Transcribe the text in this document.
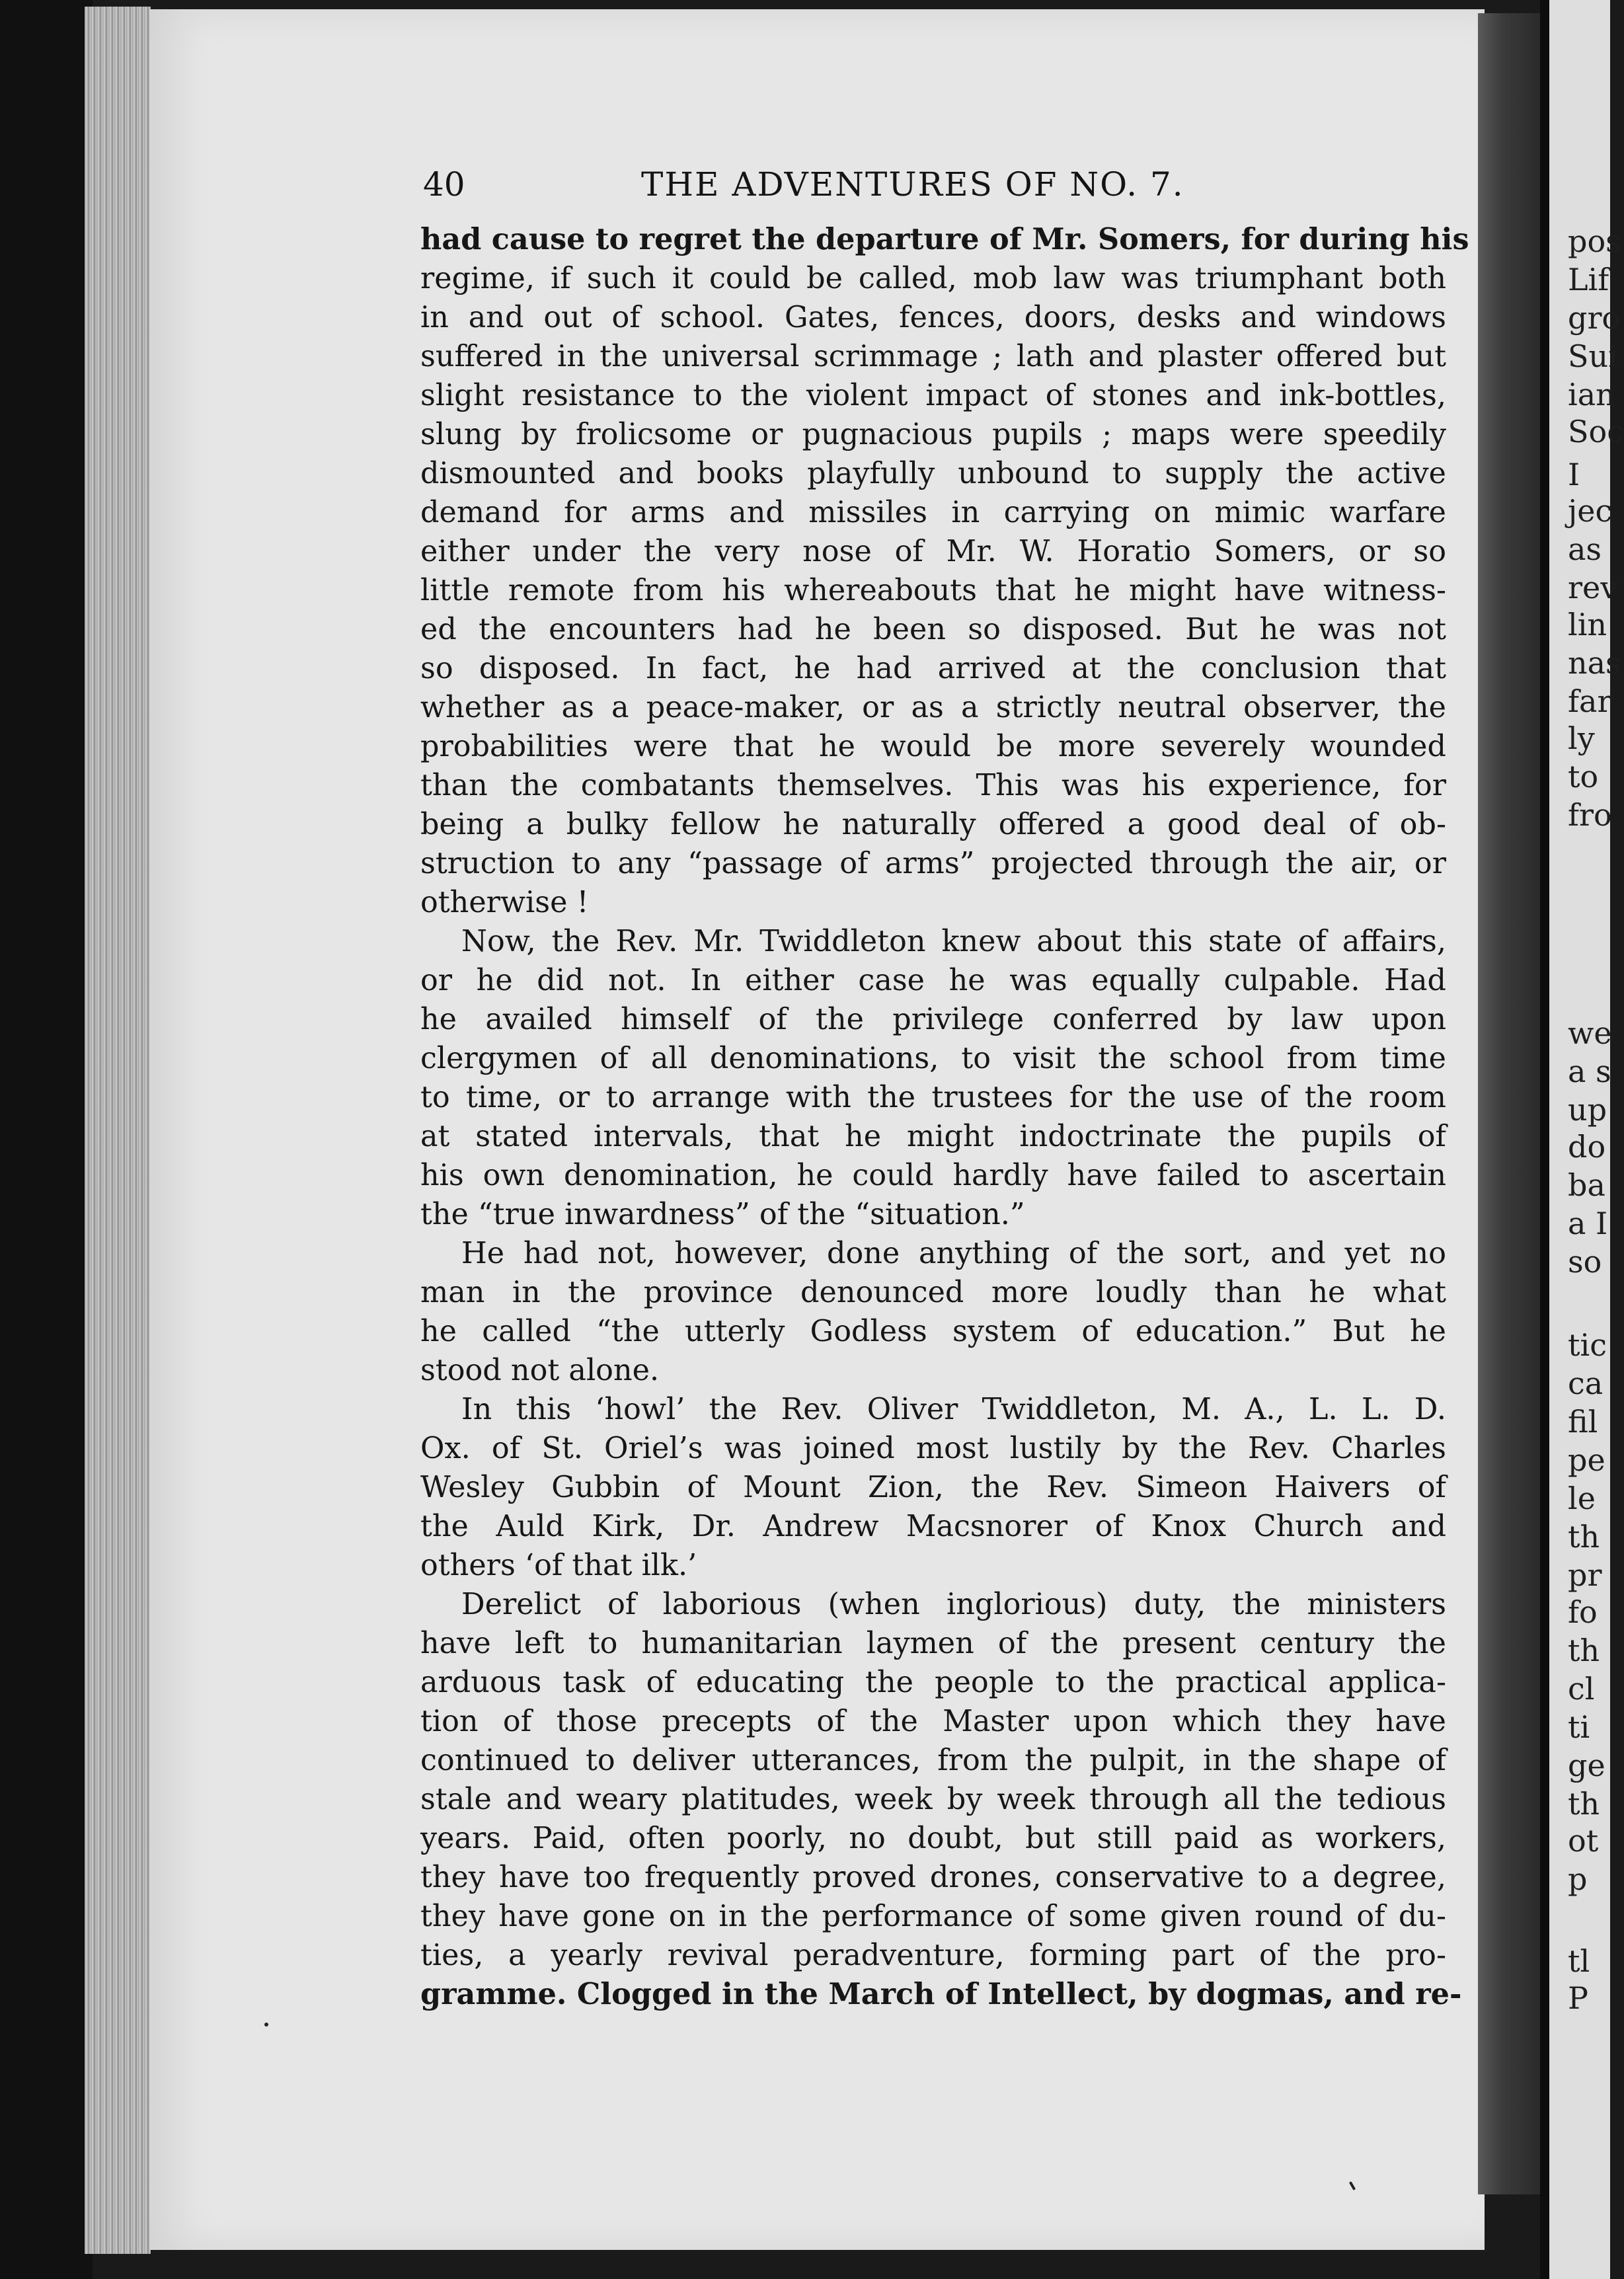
pos
Lif
gro
Sui
ian
Soc
I
jec
as
rev
lin
nas
far
ly
to
fro
we
a s
up
do
ba
a I
so
tic
ca
fil
pe
le
th
pr
fo
th
cl
ti
ge
th
ot
p
tl
P
40	THE ADVENTURES OF NO. 7.
had cause to regret the departure of Mr. Somers, for during his
regime, if such it could be called, mob law was triumphant both
in and out of school. Gates, fences, doors, desks and windows
suffered in the universal scrimmage ; lath and plaster offered but
slight resistance to the violent impact of stones and ink-bottles,
slung by frolicsome or pugnacious pupils ; maps were speedily
dismounted and books playfully unbound to supply the active
demand for arms and missiles in carrying on mimic warfare
either under the very nose of Mr. W. Horatio Somers, or so
little remote from his whereabouts that he might have witness-
ed the encounters had he been so disposed. But he was not
so disposed. In fact, he had arrived at the conclusion that
whether as a peace-maker, or as a strictly neutral observer, the
probabilities were that he would be more severely wounded
than the combatants themselves. This was his experience, for
being a bulky fellow he naturally offered a good deal of ob-
struction to any “passage of arms” projected through the air, or
otherwise !
Now, the Rev. Mr. Twiddleton knew about this state of affairs,
or he did not. In either case he was equally culpable. Had
he availed himself of the privilege conferred by law upon
clergymen of all denominations, to visit the school from time
to time, or to arrange with the trustees for the use of the room
at stated intervals, that he might indoctrinate the pupils of
his own denomination, he could hardly have failed to ascertain
the “true inwardness” of the “situation.”
He had not, however, done anything of the sort, and yet no
man in the province denounced more loudly than he what
he called “the utterly Godless system of education.” But he
stood not alone.
In this ‘howl’ the Rev. Oliver Twiddleton, M. A., L. L. D.
Ox. of St. Oriel’s was joined most lustily by the Rev. Charles
Wesley Gubbin of Mount Zion, the Rev. Simeon Haivers of
the Auld Kirk, Dr. Andrew Macsnorer of Knox Church and
others ‘of that ilk.’
Derelict of laborious (when inglorious) duty, the ministers
have left to humanitarian laymen of the present century the
arduous task of educating the people to the practical applica-
tion of those precepts of the Master upon which they have
continued to deliver utterances, from the pulpit, in the shape of
stale and weary platitudes, week by week through all the tedious
years. Paid, often poorly, no doubt, but still paid as workers,
they have too frequently proved drones, conservative to a degree,
they have gone on in the performance of some given round of du-
ties, a yearly revival peradventure, forming part of the pro-
gramme. Clogged in the March of Intellect, by dogmas, and re-
